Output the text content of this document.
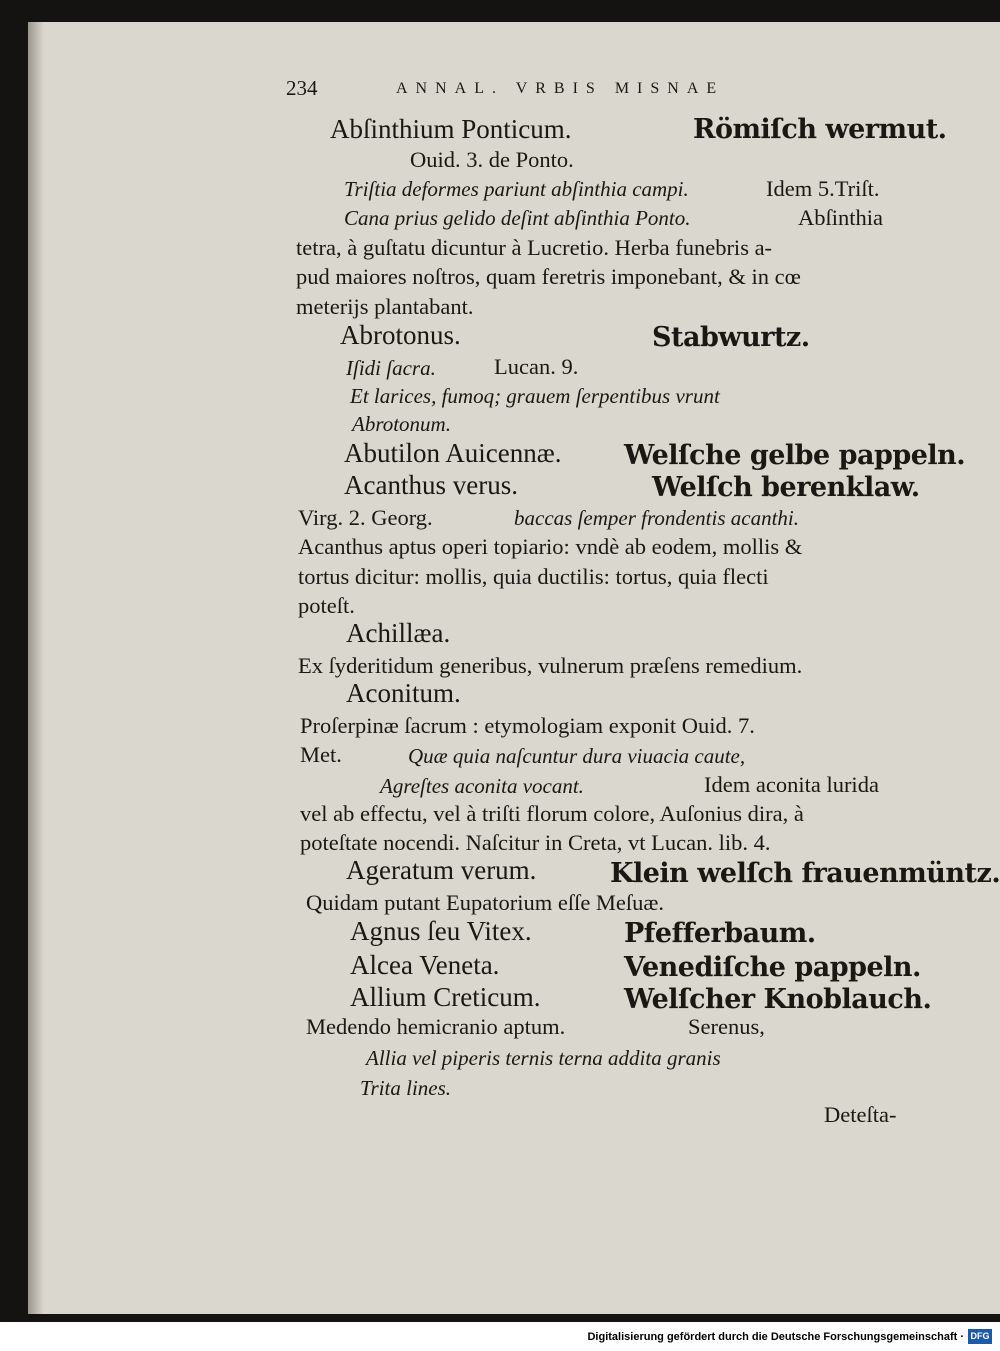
234	ANNAL. VRBIS MISNAE
Abſinthium Ponticum.	Römiſch wermut.
Ouid. 3. de Ponto.
Triſtia deformes pariunt abſinthia campi.	Idem 5.Triſt.
Cana prius gelido deſint abſinthia Ponto.	Abſinthia
tetra, à guſtatu dicuntur à Lucretio. Herba funebris a-
pud maiores noſtros, quam feretris imponebant, & in cœ
meterijs plantabant.
Abrotonus.	Stabwurtz.
Iſidi ſacra.	Lucan. 9.
Et larices, fumoq; grauem ſerpentibus vrunt
Abrotonum.
Abutilon Auicennæ. Welſche gelbe pappeln.
Acanthus verus.	Welſch berenklaw.
Virg. 2. Georg.	baccas ſemper frondentis acanthi.
Acanthus aptus operi topiario: vndè ab eodem, mollis &
tortus dicitur: mollis, quia ductilis: tortus, quia flecti
poteſt.
Achillæa.
Ex ſyderitidum generibus, vulnerum præſens remedium.
Aconitum.
Proſerpinæ ſacrum : etymologiam exponit Ouid. 7.
Met.	Quæ quia naſcuntur dura viuacia caute,
Agreſtes aconita vocant.	Idem aconita lurida
vel ab effectu, vel à triſti florum colore, Auſonius dira, à
poteſtate nocendi. Naſcitur in Creta, vt Lucan. lib. 4.
Ageratum verum.	Klein welſch frauenmüntz.
Quidam putant Eupatorium eſſe Meſuæ.
Agnus ſeu Vitex.	Pfefferbaum.
Alcea Veneta.	Venediſche pappeln.
Allium Creticum.	Welſcher Knoblauch.
Medendo hemicranio aptum.	Serenus,
Allia vel piperis ternis terna addita granis
Trita lines.
Deteſta-
Digitalisierung gefördert durch die Deutsche Forschungsgemeinschaft · DFG
